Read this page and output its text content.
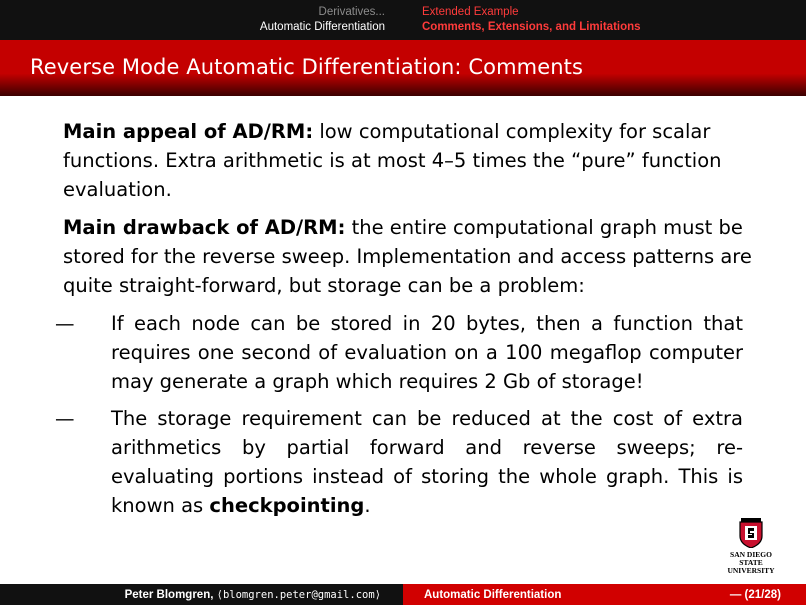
Derivatives...
Automatic Differentiation
Extended Example
Comments, Extensions, and Limitations
Reverse Mode Automatic Differentiation: Comments

Main appeal of AD/RM: low computational complexity for scalar functions. Extra arithmetic is at most 4–5 times the “pure” function evaluation.

Main drawback of AD/RM: the entire computational graph must be stored for the reverse sweep. Implementation and access patterns are quite straight-forward, but storage can be a problem:

— If each node can be stored in 20 bytes, then a function that requires one second of evaluation on a 100 megaflop computer may generate a graph which requires 2 Gb of storage!
— The storage requirement can be reduced at the cost of extra arithmetics by partial forward and reverse sweeps; re-evaluating portions instead of storing the whole graph. This is known as checkpointing.
SAN DIEGO STATE
UNIVERSITY
Peter Blomgren,
⟨blomgren.peter@gmail.com⟩	Automatic Differentiation	— (21/28)
